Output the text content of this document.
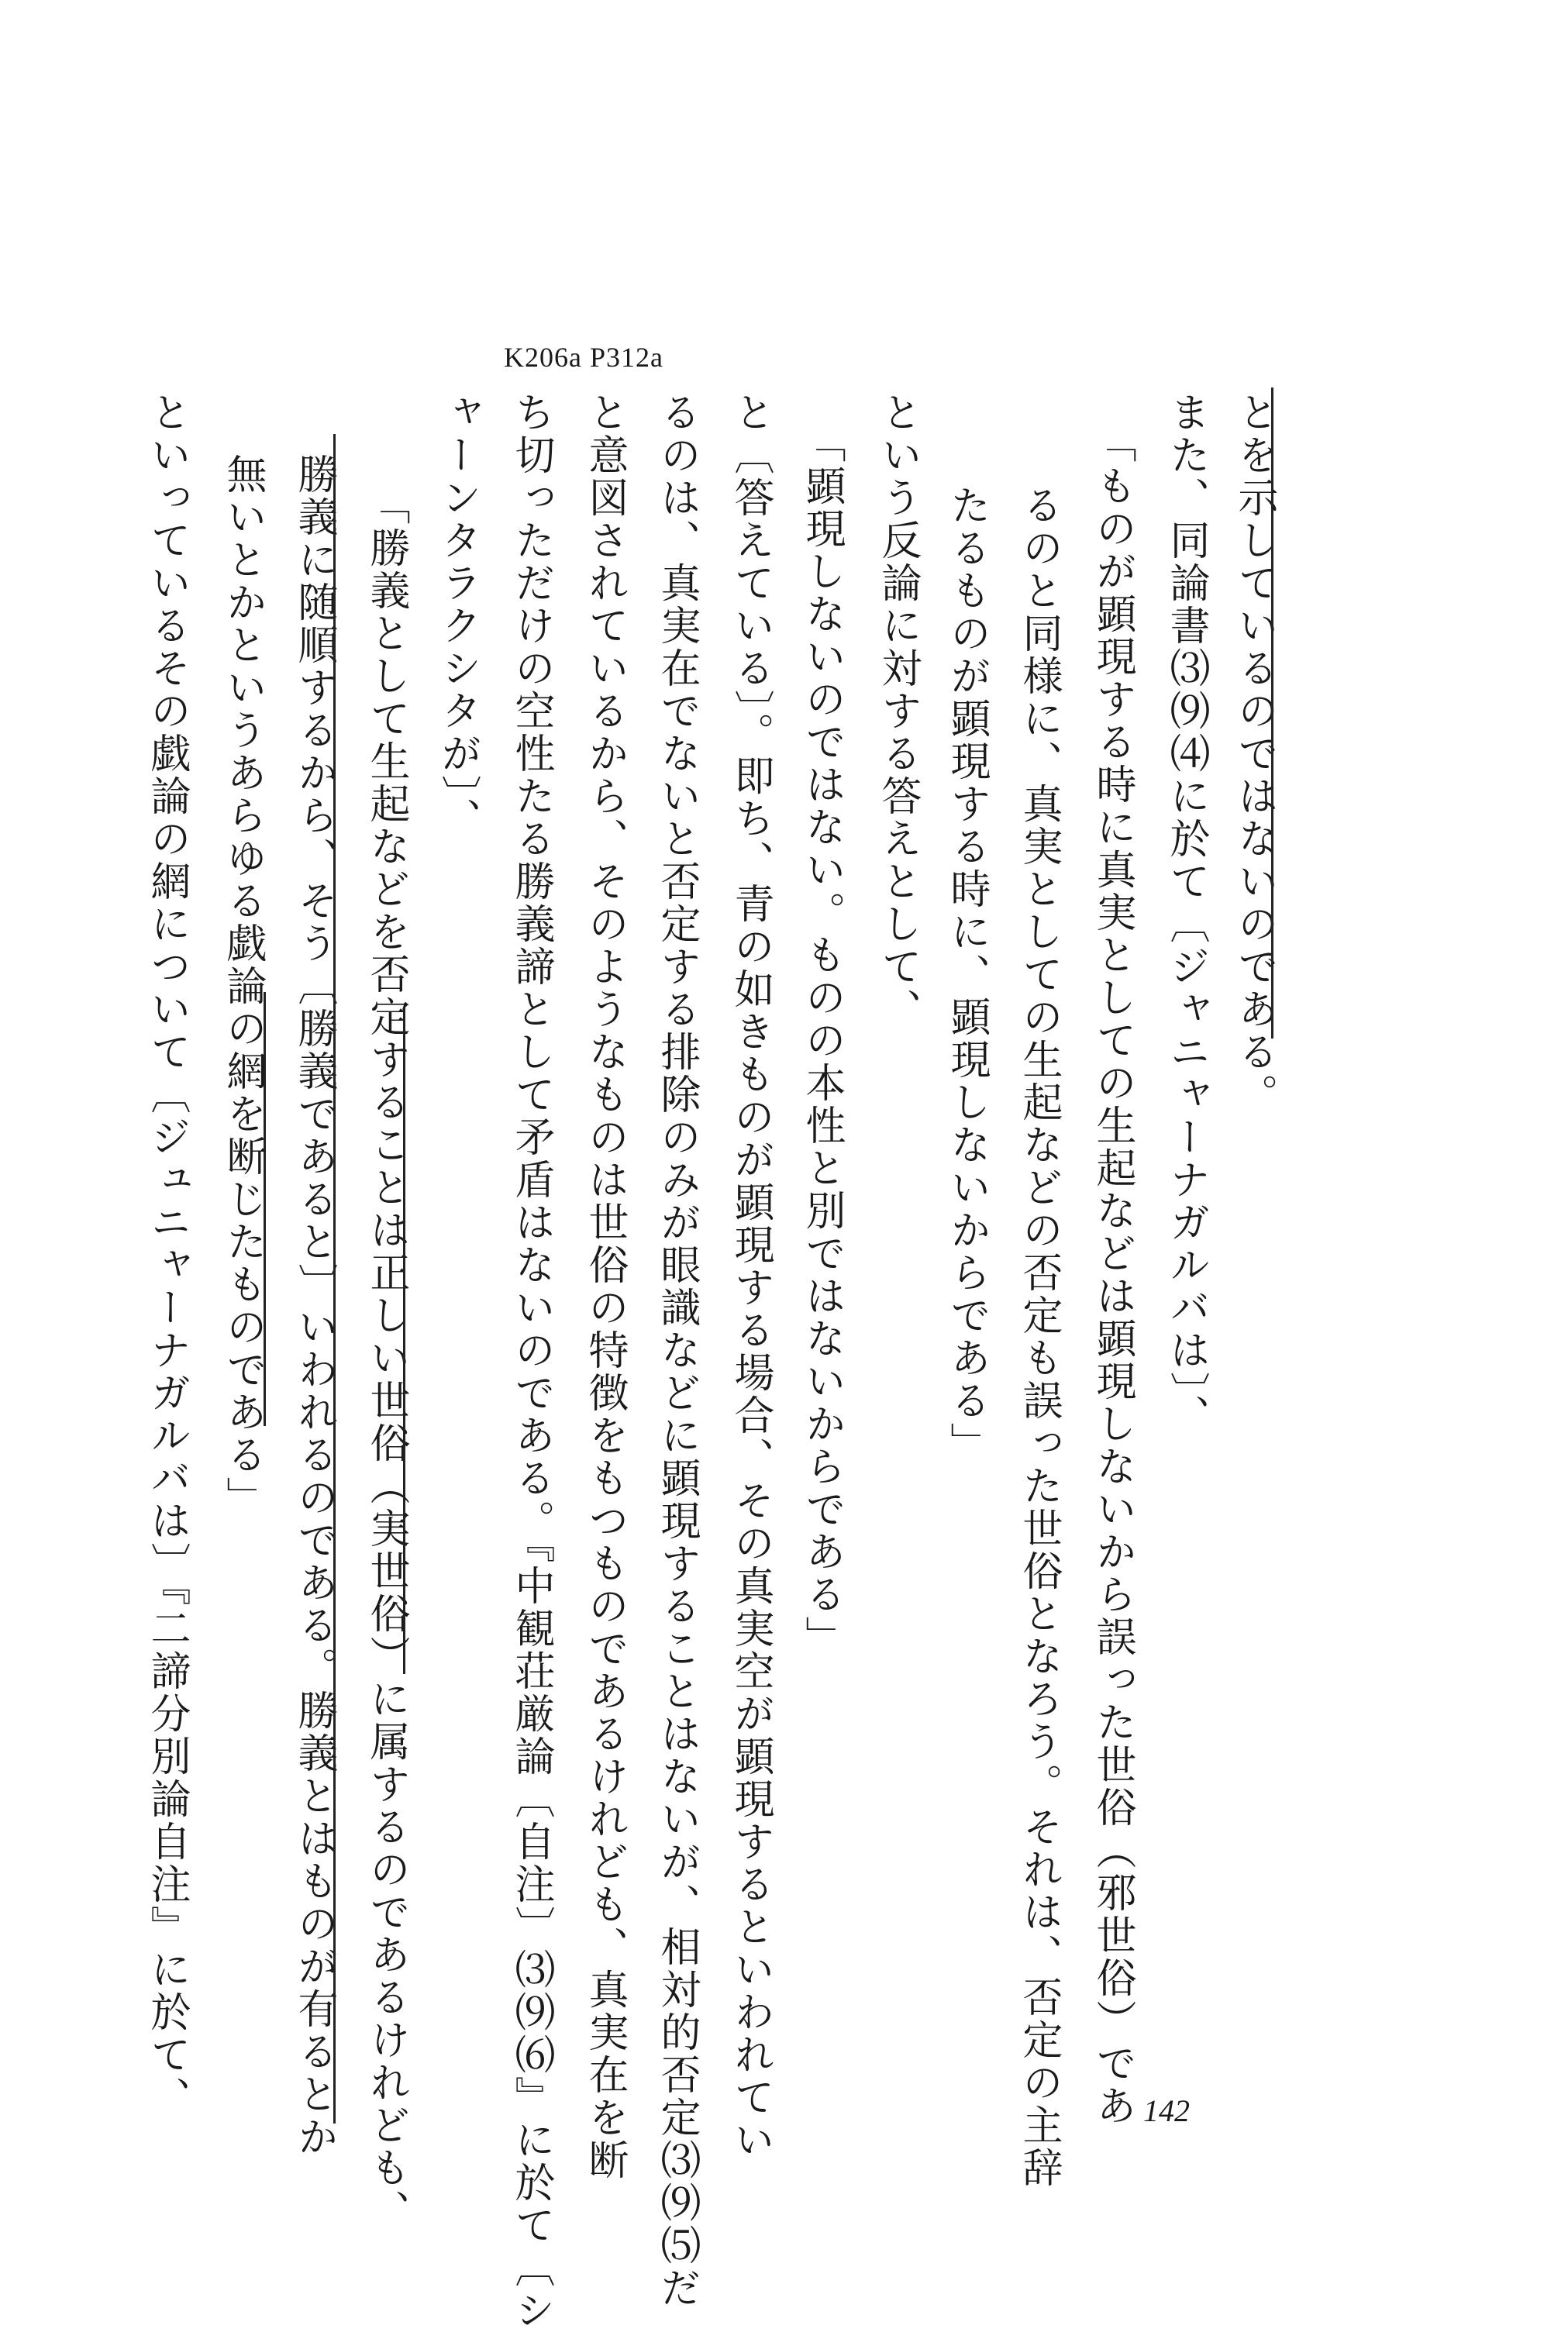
K206a P312a
とを示しているのではないのである。
また、同論書⑶⑼⑷に於て〔ジャニャーナガルバは〕、
「ものが顕現する時に真実としての生起などは顕現しないから誤った世俗（邪世俗）であ
るのと同様に、真実としての生起などの否定も誤った世俗となろう。それは、否定の主辞
たるものが顕現する時に、顕現しないからである」
という反論に対する答えとして、
「顕現しないのではない。ものの本性と別ではないからである」
と〔答えている〕。即ち、青の如きものが顕現する場合、その真実空が顕現するといわれてい
るのは、真実在でないと否定する排除のみが眼識などに顕現することはないが、相対的否定⑶⑼⑸だ
と意図されているから、そのようなものは世俗の特徴をもつものであるけれども、真実在を断
ち切っただけの空性たる勝義諦として矛盾はないのである。『中観荘厳論〔自注〕⑶⑼⑹』に於て〔シ
ャーンタラクシタが〕、
「勝義として生起などを否定することは正しい世俗（実世俗）に属するのであるけれども、
勝義に随順するから、そう〔勝義であると〕いわれるのである。勝義とはものが有るとか
無いとかというあらゆる戯論の網を断じたものである」
といっているその戯論の網について〔ジュニャーナガルバは〕『二諦分別論自注』に於て、	142
